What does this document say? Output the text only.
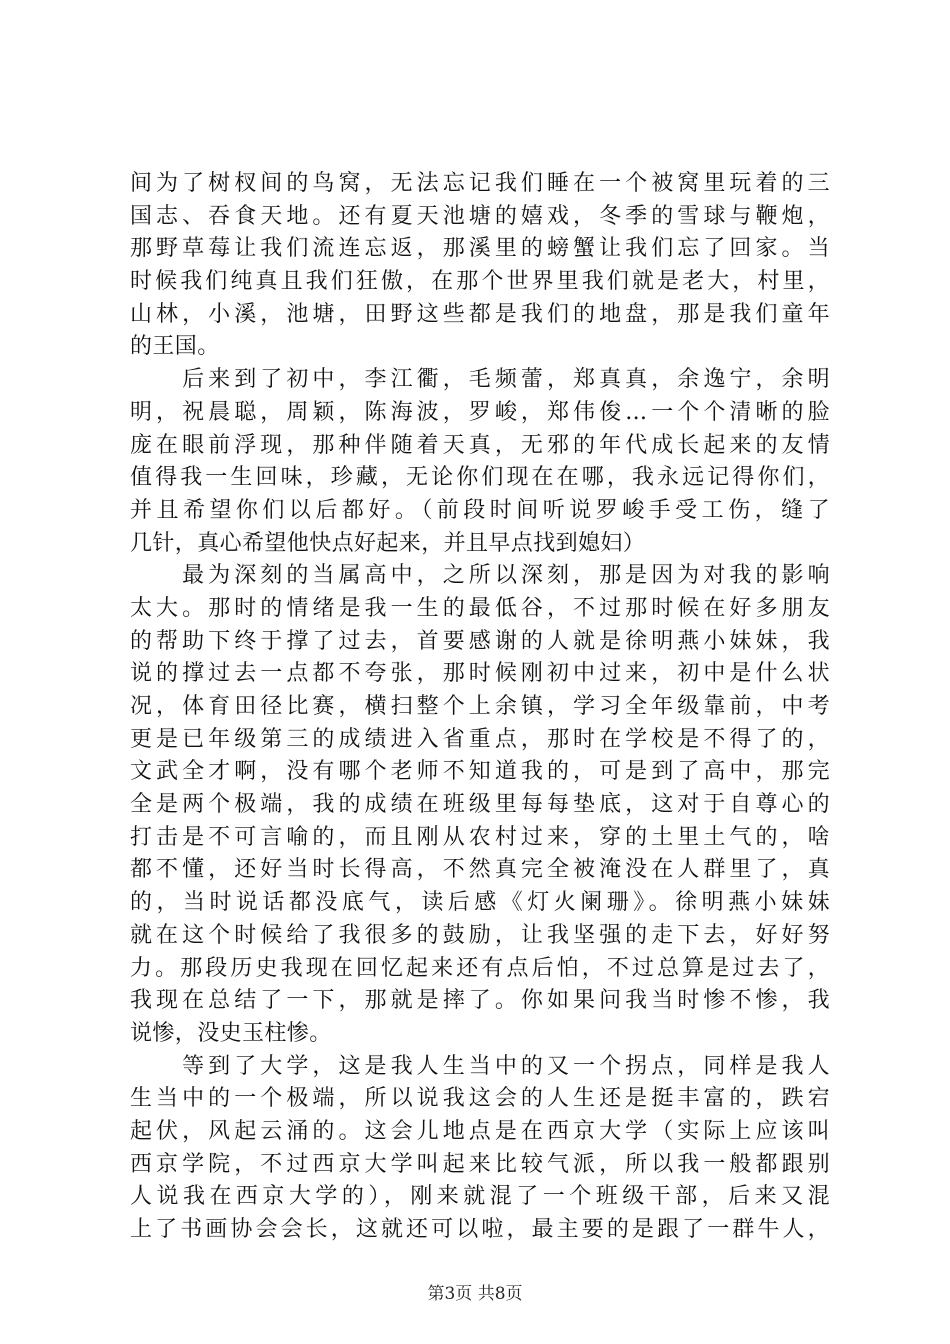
间为了树杈间的鸟窝，无法忘记我们睡在一个被窝里玩着的三
国志、吞食天地。还有夏天池塘的嬉戏，冬季的雪球与鞭炮，
那野草莓让我们流连忘返，那溪里的螃蟹让我们忘了回家。当
时候我们纯真且我们狂傲，在那个世界里我们就是老大，村里，
山林，小溪，池塘，田野这些都是我们的地盘，那是我们童年
的王国。
　　后来到了初中，李江衢，毛频蕾，郑真真，余逸宁，余明
明，祝晨聪，周颖，陈海波，罗峻，郑伟俊…一个个清晰的脸
庞在眼前浮现，那种伴随着天真，无邪的年代成长起来的友情
值得我一生回味，珍藏，无论你们现在在哪，我永远记得你们，
并且希望你们以后都好。（前段时间听说罗峻手受工伤，缝了
几针，真心希望他快点好起来，并且早点找到媳妇）
　　最为深刻的当属高中，之所以深刻，那是因为对我的影响
太大。那时的情绪是我一生的最低谷，不过那时候在好多朋友
的帮助下终于撑了过去，首要感谢的人就是徐明燕小妹妹，我
说的撑过去一点都不夸张，那时候刚初中过来，初中是什么状
况，体育田径比赛，横扫整个上余镇，学习全年级靠前，中考
更是已年级第三的成绩进入省重点，那时在学校是不得了的，
文武全才啊，没有哪个老师不知道我的，可是到了高中，那完
全是两个极端，我的成绩在班级里每每垫底，这对于自尊心的
打击是不可言喻的，而且刚从农村过来，穿的土里土气的，啥
都不懂，还好当时长得高，不然真完全被淹没在人群里了，真
的，当时说话都没底气，读后感《灯火阑珊》。徐明燕小妹妹
就在这个时候给了我很多的鼓励，让我坚强的走下去，好好努
力。那段历史我现在回忆起来还有点后怕，不过总算是过去了，
我现在总结了一下，那就是摔了。你如果问我当时惨不惨，我
说惨，没史玉柱惨。
　　等到了大学，这是我人生当中的又一个拐点，同样是我人
生当中的一个极端，所以说我这会的人生还是挺丰富的，跌宕
起伏，风起云涌的。这会儿地点是在西京大学（实际上应该叫
西京学院，不过西京大学叫起来比较气派，所以我一般都跟别
人说我在西京大学的），刚来就混了一个班级干部，后来又混
上了书画协会会长，这就还可以啦，最主要的是跟了一群牛人，
第3页 共8页
